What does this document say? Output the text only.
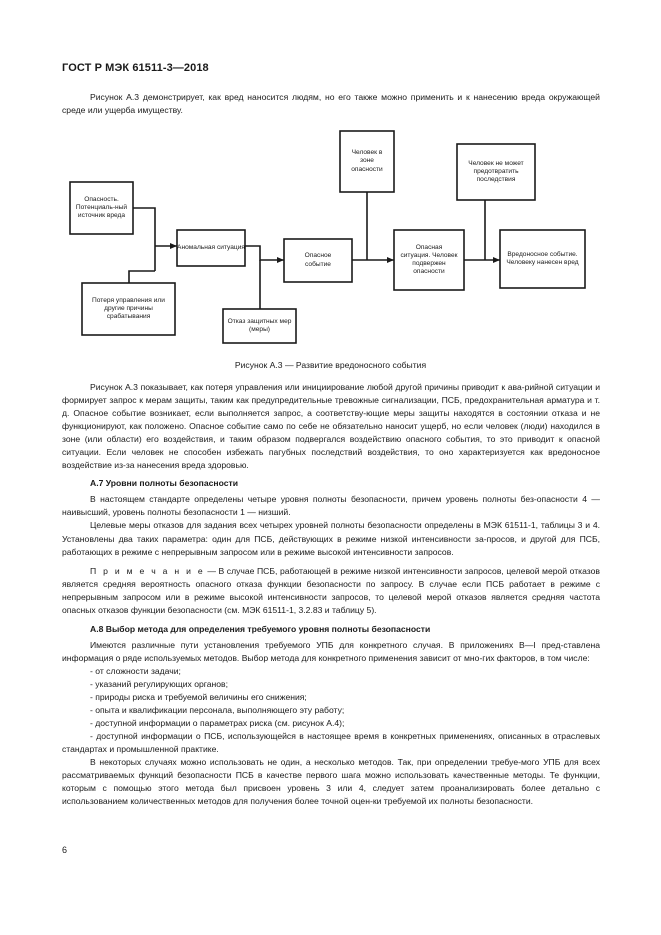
ГОСТ Р МЭК 61511-3—2018

Рисунок А.3 демонстрирует, как вред наносится людям, но его также можно применить и к нанесению вреда окружающей среде или ущерба имуществу.

Опасность. Потенциаль-ный источник вреда
Потеря управления или другие причины срабатывания
Аномальная ситуация
Отказ защитных мер (меры)
Опасное событие
Человек в зоне опасности
Опасная ситуация. Человек подвержен опасности
Человек не может предотвратить последствия
Вредоносное событие. Человеку нанесен вред
Рисунок А.3 — Развитие вредоносного события

Рисунок А.3 показывает, как потеря управления или инициирование любой другой причины приводит к ава-рийной ситуации и формирует запрос к мерам защиты, таким как предупредительные тревожные сигнализации, ПСБ, предохранительная арматура и т. д. Опасное событие возникает, если выполняется запрос, а соответству-ющие меры защиты находятся в состоянии отказа и не функционируют, как положено. Опасное событие само по себе не обязательно наносит ущерб, но если человек (люди) находился в зоне (или области) его воздействия, и таким образом подвергался воздействию опасного события, то это приводит к опасной ситуации. Если человек не способен избежать пагубных последствий воздействия, то оно характеризуется как вредоносное воздействие из-за нанесения вреда здоровью.

А.7 Уровни полноты безопасности

В настоящем стандарте определены четыре уровня полноты безопасности, причем уровень полноты без-опасности 4 — наивысший, уровень полноты безопасности 1 — низший.

Целевые меры отказов для задания всех четырех уровней полноты безопасности определены в МЭК 61511-1, таблицы 3 и 4. Установлены два таких параметра: один для ПСБ, действующих в режиме низкой интенсивности за-просов, и другой для ПСБ, работающих в режиме с непрерывным запросом или в режиме высокой интенсивности запросов.

П р и м е ч а н и е — В случае ПСБ, работающей в режиме низкой интенсивности запросов, целевой мерой отказов является средняя вероятность опасного отказа функции безопасности по запросу. В случае если ПСБ работает в режиме с непрерывным запросом или в режиме высокой интенсивности запросов, то целевой мерой отказов является средняя частота опасных отказов функции безопасности (см. МЭК 61511-1, 3.2.83 и таблицу 5).

А.8 Выбор метода для определения требуемого уровня полноты безопасности

Имеются различные пути установления требуемого УПБ для конкретного случая. В приложениях В—I пред-ставлена информация о ряде используемых методов. Выбор метода для конкретного применения зависит от мно-гих факторов, в том числе:

- от сложности задачи;

- указаний регулирующих органов;

- природы риска и требуемой величины его снижения;

- опыта и квалификации персонала, выполняющего эту работу;

- доступной информации о параметрах риска (см. рисунок А.4);

- доступной информации о ПСБ, использующейся в настоящее время в конкретных применениях, описанных в отраслевых стандартах и промышленной практике.

В некоторых случаях можно использовать не один, а несколько методов. Так, при определении требуе-мого УПБ для всех рассматриваемых функций безопасности ПСБ в качестве первого шага можно использовать качественные методы. Те функции, которым с помощью этого метода был присвоен уровень 3 или 4, следует затем проанализировать более детально с использованием количественных методов для получения более точной оцен-ки требуемой их полноты безопасности.

6
